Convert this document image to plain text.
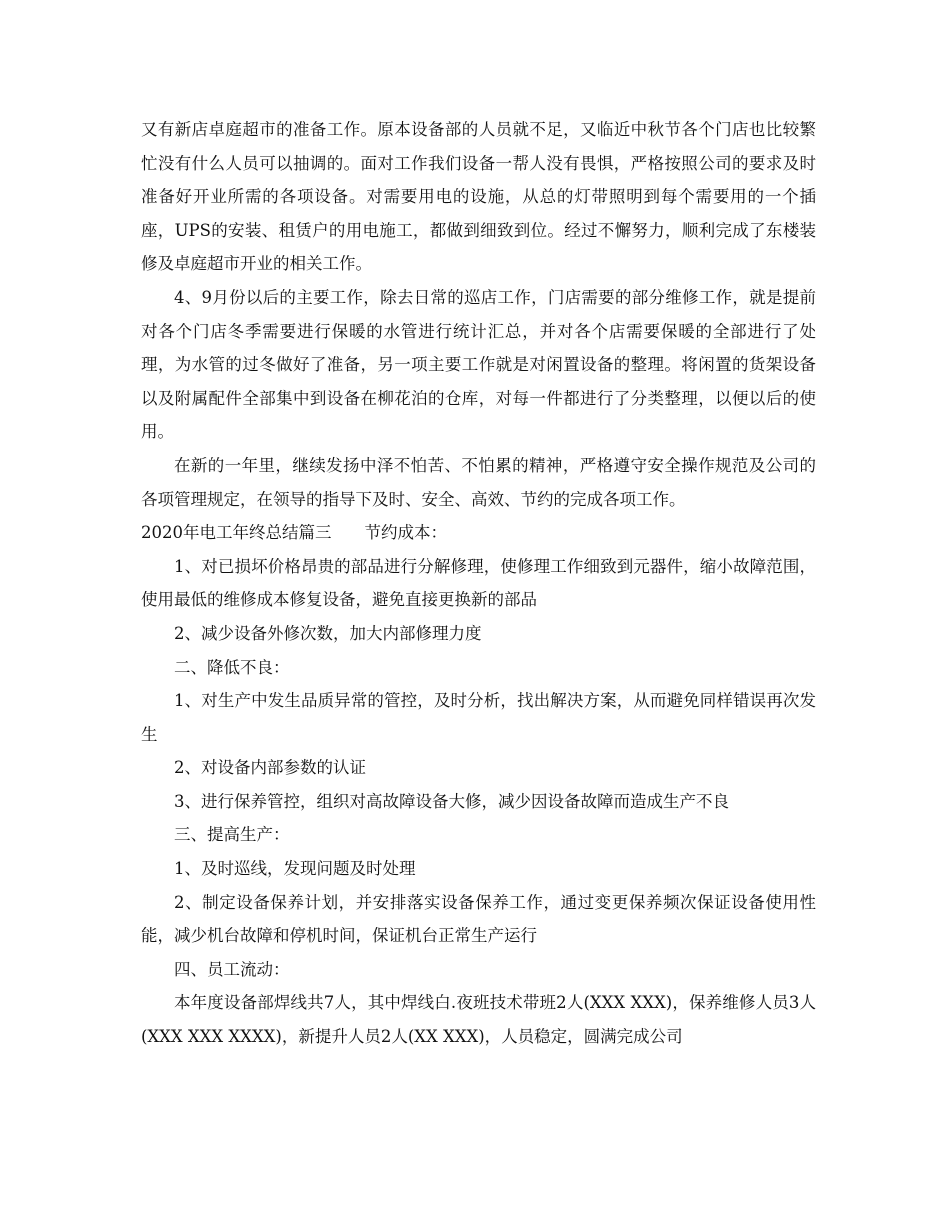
又有新店卓庭超市的准备工作。原本设备部的人员就不足，又临近中秋节各个门店也比较繁忙没有什么人员可以抽调的。面对工作我们设备一帮人没有畏惧，严格按照公司的要求及时准备好开业所需的各项设备。对需要用电的设施，从总的灯带照明到每个需要用的一个插座，UPS的安装、租赁户的用电施工，都做到细致到位。经过不懈努力，顺利完成了东楼装修及卓庭超市开业的相关工作。

4、9月份以后的主要工作，除去日常的巡店工作，门店需要的部分维修工作，就是提前对各个门店冬季需要进行保暖的水管进行统计汇总，并对各个店需要保暖的全部进行了处理，为水管的过冬做好了准备，另一项主要工作就是对闲置设备的整理。将闲置的货架设备以及附属配件全部集中到设备在柳花泊的仓库，对每一件都进行了分类整理，以便以后的使用。

在新的一年里，继续发扬中泽不怕苦、不怕累的精神，严格遵守安全操作规范及公司的各项管理规定，在领导的指导下及时、安全、高效、节约的完成各项工作。

2020年电工年终总结篇三　　节约成本：

1、对已损坏价格昂贵的部品进行分解修理，使修理工作细致到元器件，缩小故障范围，使用最低的维修成本修复设备，避免直接更换新的部品

2、减少设备外修次数，加大内部修理力度

二、降低不良：

1、对生产中发生品质异常的管控，及时分析，找出解决方案，从而避免同样错误再次发生

2、对设备内部参数的认证

3、进行保养管控，组织对高故障设备大修，减少因设备故障而造成生产不良

三、提高生产：

1、及时巡线，发现问题及时处理

2、制定设备保养计划，并安排落实设备保养工作，通过变更保养频次保证设备使用性能，减少机台故障和停机时间，保证机台正常生产运行

四、员工流动：

本年度设备部焊线共7人，其中焊线白.夜班技术带班2人(XXX XXX)，保养维修人员3人(XXX XXX XXXX)，新提升人员2人(XX XXX)，人员稳定，圆满完成公司
